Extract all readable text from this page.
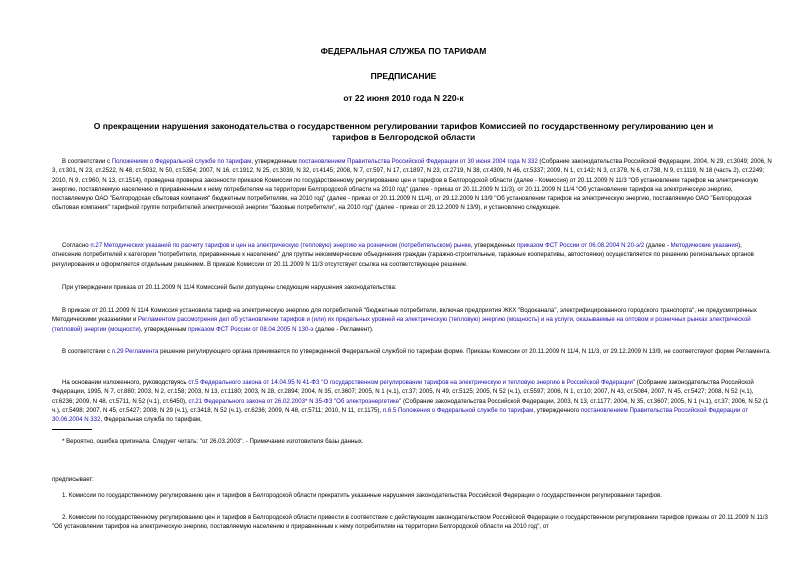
ФЕДЕРАЛЬНАЯ СЛУЖБА ПО ТАРИФАМ
ПРЕДПИСАНИЕ
от 22 июня 2010 года N 220-к
О прекращении нарушения законодательства о государственном регулировании тарифов Комиссией по государственному регулированию цен и тарифов в Белгородской области
В соответствии с Положением о Федеральной службе по тарифам, утвержденным постановлением Правительства Российской Федерации от 30 июня 2004 года N 332 (Собрание законодательства Российской Федерации, 2004, N 29, ст.3049; 2006, N 3, ст.301, N 23, ст.2522, N 48, ст.5032, N 50, ст.5354; 2007, N 16, ст.1912, N 25, ст.3039, N 32, ст.4145; 2008, N 7, ст.597, N 17, ст.1897, N 23, ст.2719, N 38, ст.4309, N 46, ст.5337; 2009, N 1, ст.142; N 3, ст.378, N 6, ст.738, N 9, ст.1119, N 18 (часть 2), ст.2249; 2010, N 9, ст.960, N 13, ст.1514), проведена проверка законности приказов Комиссии по государственному регулированию цен и тарифов в Белгородской области (далее - Комиссия) от 20.11.2009 N 11/3 "Об установлении тарифов на электрическую энергию, поставляемую населению и приравненным к нему потребителям на территории Белгородской области на 2010 год" (далее - приказ от 20.11.2009 N 11/3), от 20.11.2009 N 11/4 "Об установлении тарифов на электрическую энергию, поставляемую ОАО "Белгородская сбытовая компания" бюджетным потребителям, на 2010 год" (далее - приказ от 20.11.2009 N 11/4), от 29.12.2009 N 13/9 "Об установлении тарифов на электрическую энергию, поставляемую ОАО "Белгородская сбытовая компания" тарифной группе потребителей электрической энергии "базовые потребители", на 2010 год" (далее - приказ от 29.12.2009 N 13/9), и установлено следующее.
Согласно п.27 Методических указаний по расчету тарифов и цен на электрическую (тепловую) энергию на розничном (потребительском) рынке, утвержденных приказом ФСТ России от 06.08.2004 N 20-э/2 (далее - Методические указания), отнесение потребителей к категории "потребители, приравненные к населению" для группы некоммерческие объединения граждан (гаражно-строительные, гаражные кооперативы, автостоянки) осуществляется по решению региональных органов регулирования и оформляется отдельным решением. В приказе Комиссии от 20.11.2009 N 11/3 отсутствует ссылка на соответствующее решение.
При утверждении приказа от 20.11.2009 N 11/4 Комиссией были допущены следующие нарушения законодательства:
В приказе от 20.11.2009 N 11/4 Комиссия установила тариф на электрическую энергию для потребителей "бюджетные потребители, включая предприятия ЖКХ "Водоканала", электрифицированного городского транспорта", не предусмотренных Методическими указаниями и Регламентом рассмотрения дел об установлении тарифов и (или) их предельных уровней на электрическую (тепловую) энергию (мощность) и на услуги, оказываемые на оптовом и розничных рынках электрической (тепловой) энергии (мощности), утвержденным приказом ФСТ России от 08.04.2005 N 130-э (далее - Регламент).
В соответствии с п.29 Регламента решение регулирующего органа принимается по утвержденной Федеральной службой по тарифам форме. Приказы Комиссии от 20.11.2009 N 11/4, N 11/3, от 29.12.2009 N 13/9, не соответствуют форме Регламента.
На основании изложенного, руководствуясь ст.5 Федерального закона от 14.04.95 N 41-ФЗ "О государственном регулировании тарифов на электрическую и тепловую энергию в Российской Федерации" (Собрание законодательства Российской Федерации, 1995, N 7, ст.880; 2003, N 2, ст.158; 2003, N 13, ст.1180; 2003, N 28, ст.2894; 2004, N 35, ст.3607; 2005, N 1 (ч.1), ст.37; 2005, N 49, ст.5125; 2005, N 52 (ч.1), ст.5597; 2006, N 1, ст.10; 2007, N 43, ст.5084, 2007, N 45, ст.5427; 2008, N 52 (ч.1), ст.6236; 2009, N 48, ст.5711, N 52 (ч.1), ст.6450), ст.21 Федерального закона от 26.02.2003* N 35-ФЗ "Об электроэнергетике" (Собрание законодательства Российской Федерации, 2003, N 13, ст.1177; 2004, N 35, ст.3607; 2005, N 1 (ч.1), ст.37; 2006, N 52 (1 ч.), ст.5498; 2007, N 45, ст.5427; 2008, N 29 (ч.1), ст.3418, N 52 (ч.1), ст.6236; 2009, N 48, ст.5711; 2010, N 11, ст.1175), п.6.5 Положения о Федеральной службе по тарифам, утвержденного постановлением Правительства Российской Федерации от 30.06.2004 N 332, Федеральная служба по тарифам,
* Вероятно, ошибка оригинала. Следует читать: "от 26.03.2003". - Примечание изготовителя базы данных.
предписывает:
1. Комиссии по государственному регулированию цен и тарифов в Белгородской области прекратить указанные нарушения законодательства Российской Федерации о государственном регулировании тарифов.
2. Комиссии по государственному регулированию цен и тарифов в Белгородской области привести в соответствие с действующим законодательством Российской Федерации о государственном регулировании тарифов приказы от 20.11.2009 N 11/3 "Об установлении тарифов на электрическую энергию, поставляемую населению и приравненным к нему потребителям на территории Белгородской области на 2010 год", от
